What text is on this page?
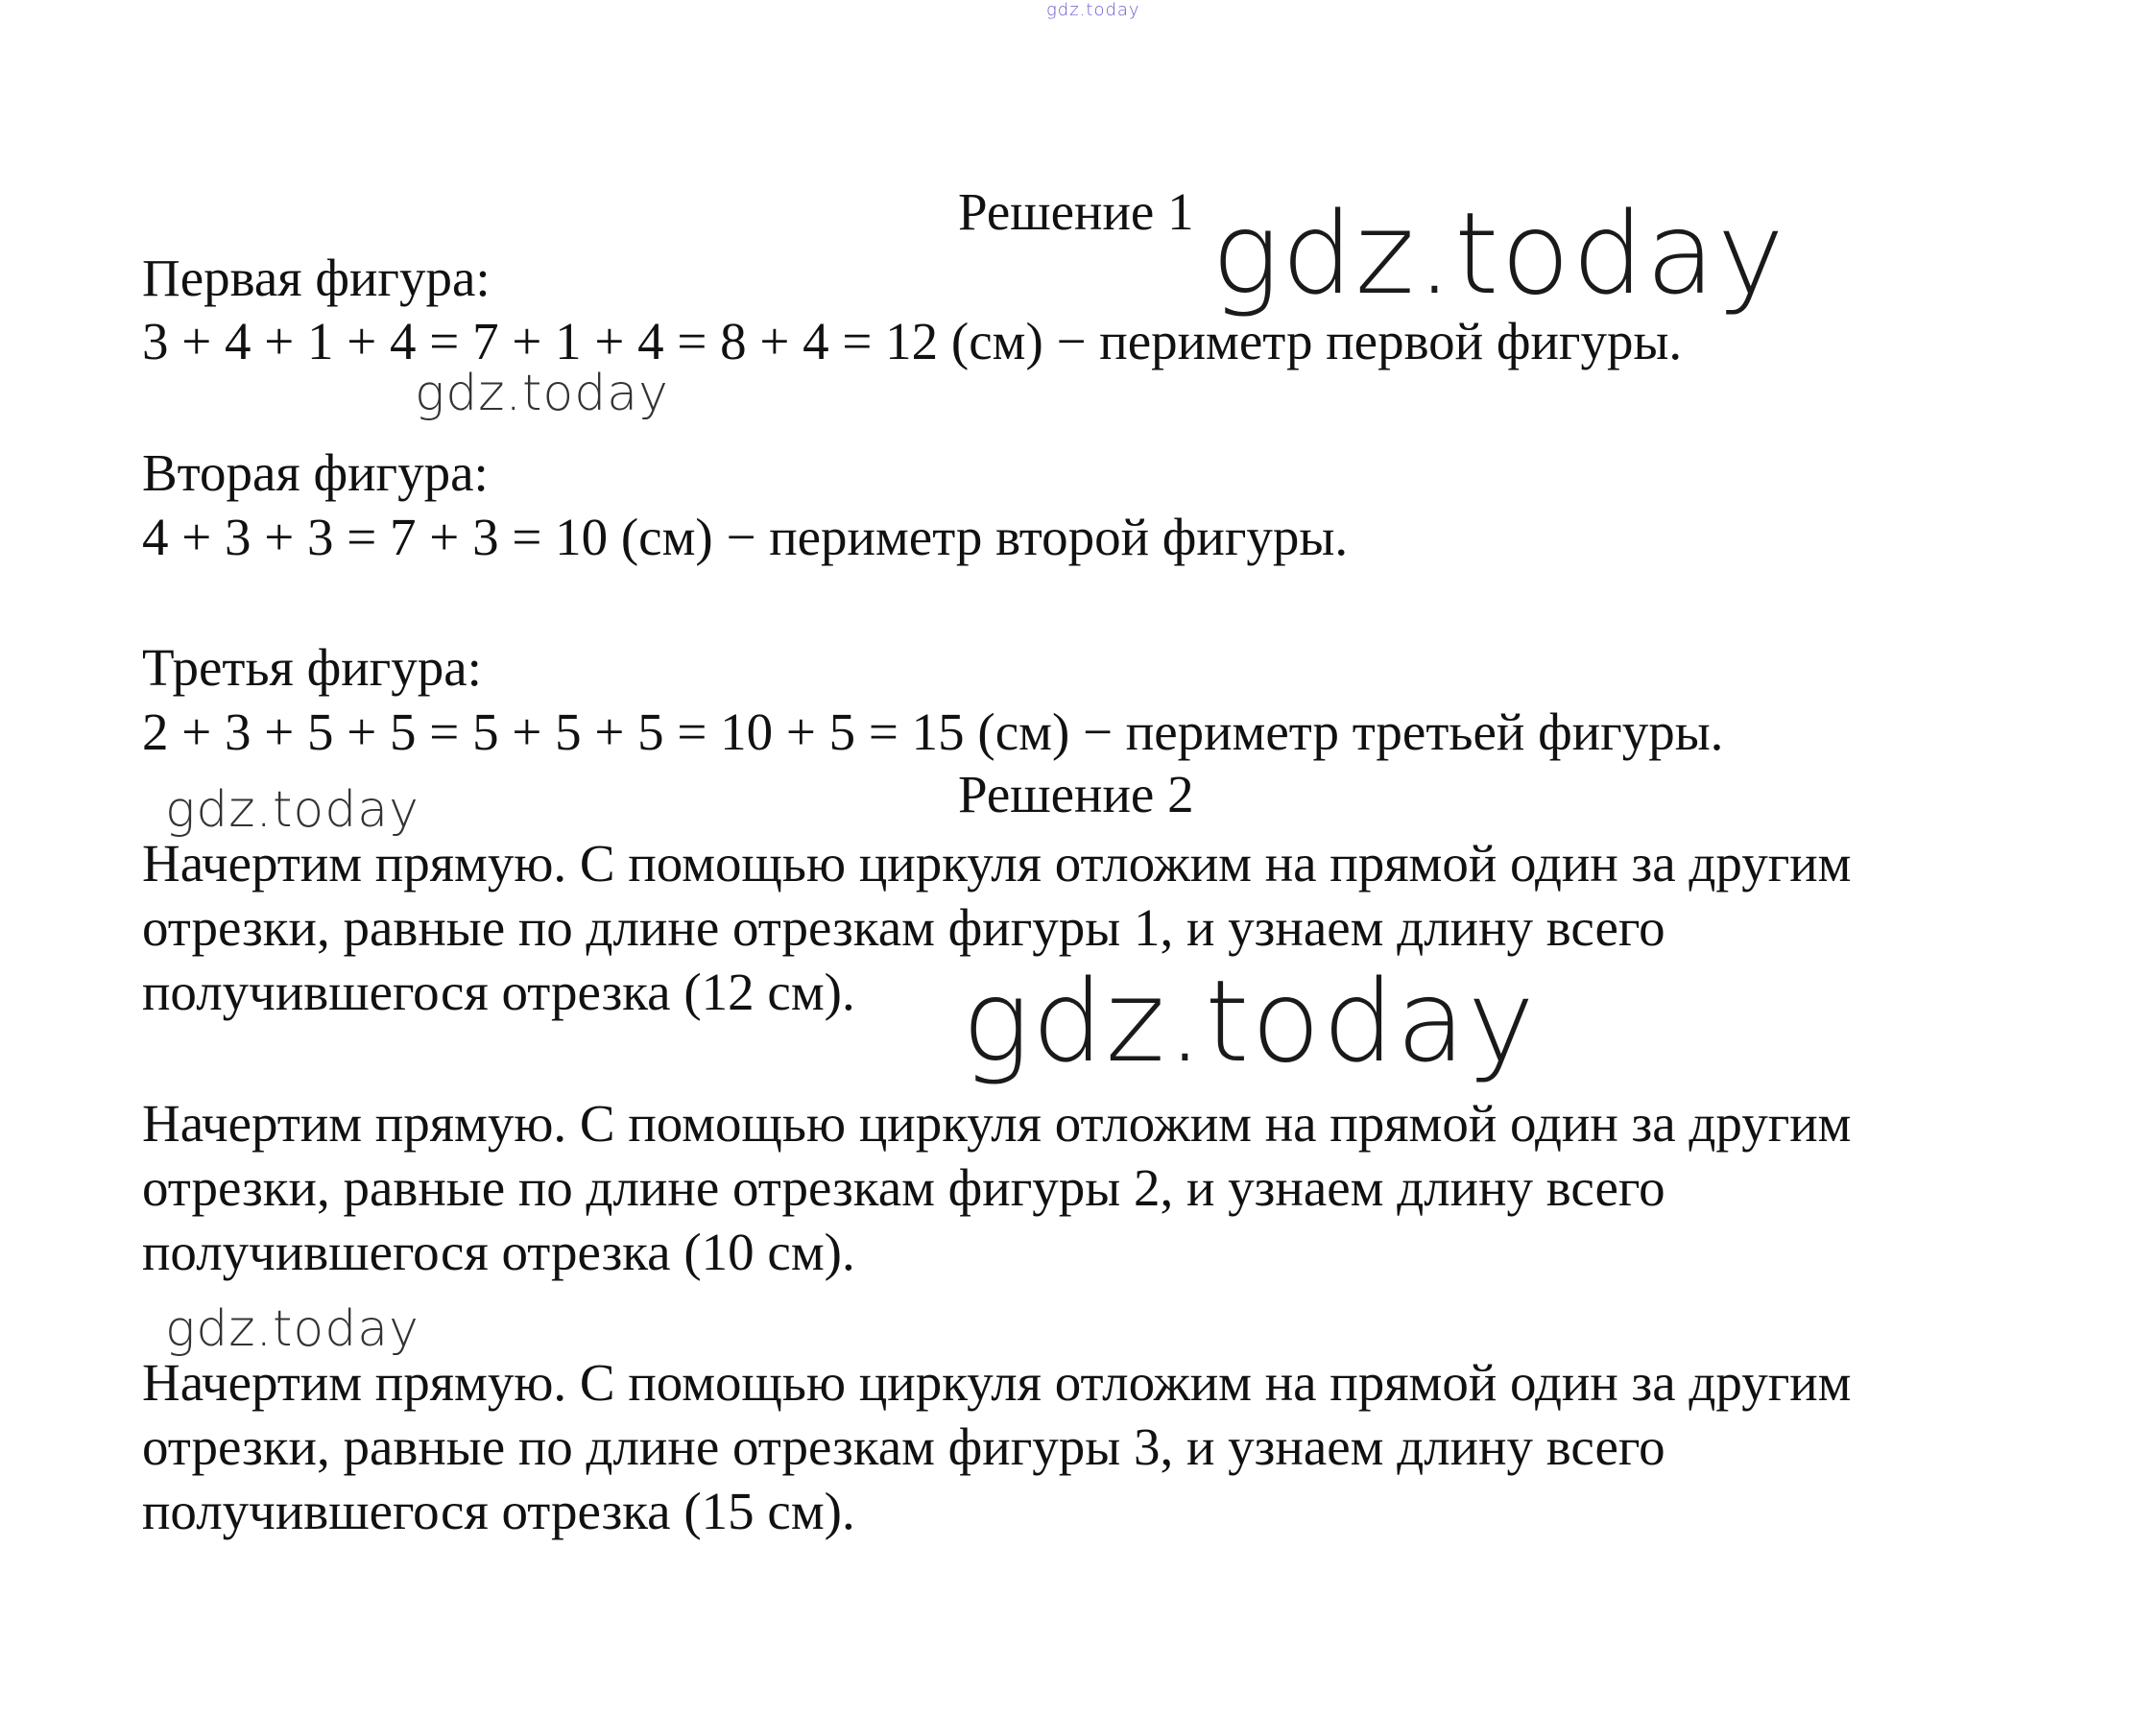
gdz.today
Решение 1 gdz.today
Первая фигура:
3 + 4 + 1 + 4 = 7 + 1 + 4 = 8 + 4 = 12 (см) − периметр первой фигуры.
gdz.today
Вторая фигура:
4 + 3 + 3 = 7 + 3 = 10 (см) − периметр второй фигуры.
Третья фигура:
2 + 3 + 5 + 5 = 5 + 5 + 5 = 10 + 5 = 15 (см) − периметр третьей фигуры.
Решение 2
gdz.today
Начертим прямую. С помощью циркуля отложим на прямой один за другим
отрезки, равные по длине отрезкам фигуры 1, и узнаем длину всего
получившегося отрезка (12 см). gdz.today
Начертим прямую. С помощью циркуля отложим на прямой один за другим
отрезки, равные по длине отрезкам фигуры 2, и узнаем длину всего
получившегося отрезка (10 см).
gdz.today
Начертим прямую. С помощью циркуля отложим на прямой один за другим
отрезки, равные по длине отрезкам фигуры 3, и узнаем длину всего
получившегося отрезка (15 см).
